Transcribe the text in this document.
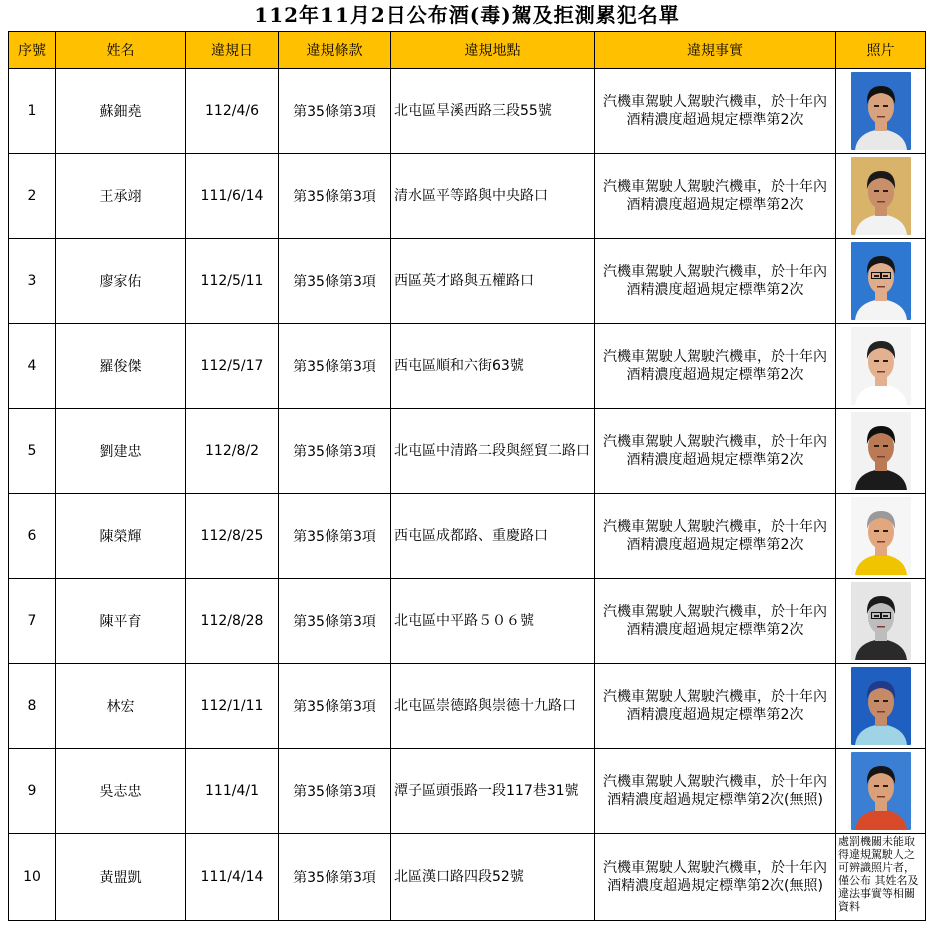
112年11月2日公布酒(毒)駕及拒測累犯名單
序號	姓名	違規日	違規條款	違規地點	違規事實	照片
1	蘇鈿堯	112/4/6	第35條第3項	北屯區旱溪西路三段55號	汽機車駕駛人駕駛汽機車，於十年內
酒精濃度超過規定標準第2次

2	王承翊	111/6/14	第35條第3項	清水區平等路與中央路口	汽機車駕駛人駕駛汽機車，於十年內
酒精濃度超過規定標準第2次

3	廖家佑	112/5/11	第35條第3項	西區英才路與五權路口	汽機車駕駛人駕駛汽機車，於十年內
酒精濃度超過規定標準第2次

4	羅俊傑	112/5/17	第35條第3項	西屯區順和六街63號	汽機車駕駛人駕駛汽機車，於十年內
酒精濃度超過規定標準第2次

5	劉建忠	112/8/2	第35條第3項	北屯區中清路二段與經貿二路口	汽機車駕駛人駕駛汽機車，於十年內
酒精濃度超過規定標準第2次

6	陳榮輝	112/8/25	第35條第3項	西屯區成都路、重慶路口	汽機車駕駛人駕駛汽機車，於十年內
酒精濃度超過規定標準第2次

7	陳平育	112/8/28	第35條第3項	北屯區中平路５０６號	汽機車駕駛人駕駛汽機車，於十年內
酒精濃度超過規定標準第2次

8	林宏	112/1/11	第35條第3項	北屯區崇德路與崇德十九路口	汽機車駕駛人駕駛汽機車，於十年內
酒精濃度超過規定標準第2次

9	吳志忠	111/4/1	第35條第3項	潭子區頭張路一段117巷31號	汽機車駕駛人駕駛汽機車，於十年內
酒精濃度超過規定標準第2次(無照)

10	黃盟凱	111/4/14	第35條第3項	北區漢口路四段52號	汽機車駕駛人駕駛汽機車，於十年內
酒精濃度超過規定標準第2次(無照)	處罰機關未能取得違規駕駛人之可辨識照片者，僅公布 其姓名及違法事實等相關資料
